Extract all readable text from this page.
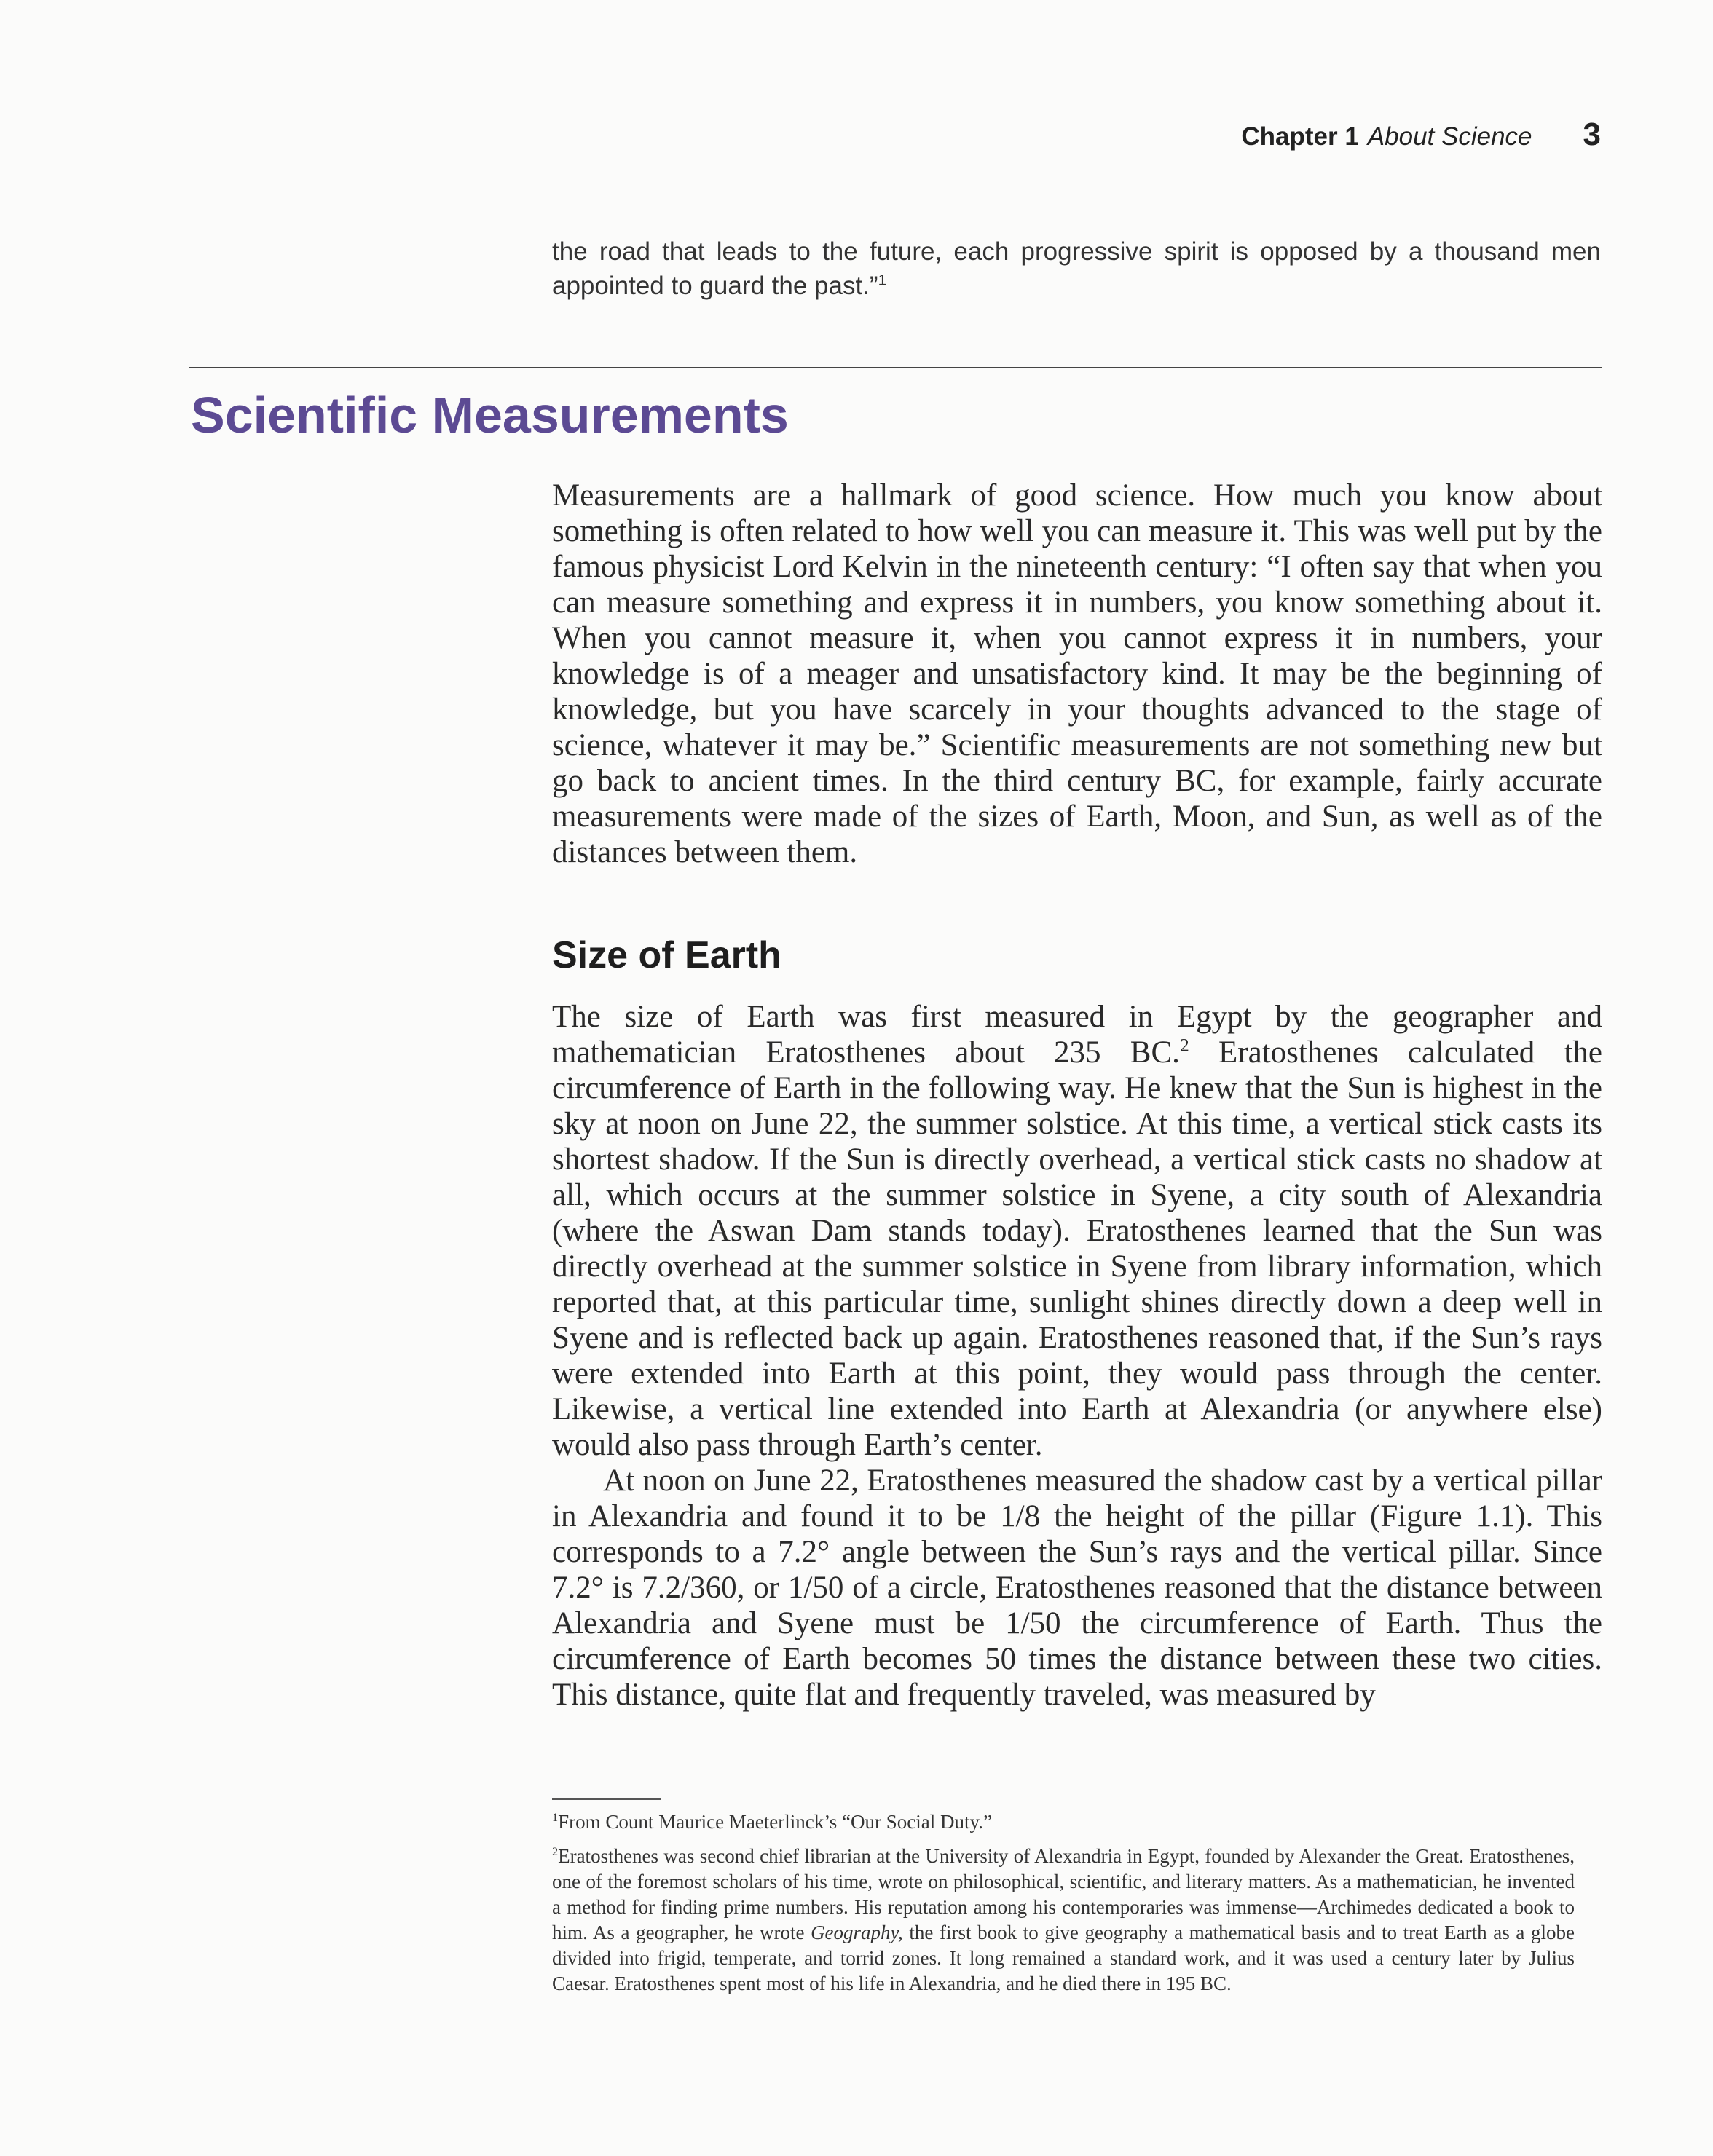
Chapter 1 About Science 3
the road that leads to the future, each progressive spirit is opposed by a thousand men appointed to guard the past.”$^1$
Scientific Measurements

Measurements are a hallmark of good science. How much you know about something is often related to how well you can measure it. This was well put by the famous physicist Lord Kelvin in the nineteenth century: “I often say that when you can measure something and express it in numbers, you know something about it. When you cannot measure it, when you cannot express it in numbers, your knowledge is of a meager and unsatisfactory kind. It may be the beginning of knowledge, but you have scarcely in your thoughts advanced to the stage of science, whatever it may be.” Scientific measurements are not something new but go back to ancient times. In the third century BC, for example, fairly accurate measurements were made of the sizes of Earth, Moon, and Sun, as well as of the distances between them.

Size of Earth

The size of Earth was first measured in Egypt by the geographer and mathematician Eratosthenes about 235 BC.$^2$ Eratosthenes calculated the circumference of Earth in the following way. He knew that the Sun is highest in the sky at noon on June 22, the summer solstice. At this time, a vertical stick casts its shortest shadow. If the Sun is directly overhead, a vertical stick casts no shadow at all, which occurs at the summer solstice in Syene, a city south of Alexandria (where the Aswan Dam stands today). Eratosthenes learned that the Sun was directly overhead at the summer solstice in Syene from library information, which reported that, at this particular time, sunlight shines directly down a deep well in Syene and is reflected back up again. Eratosthenes reasoned that, if the Sun’s rays were extended into Earth at this point, they would pass through the center. Likewise, a vertical line extended into Earth at Alexandria (or anywhere else) would also pass through Earth’s center.

At noon on June 22, Eratosthenes measured the shadow cast by a vertical pillar in Alexandria and found it to be 1/8 the height of the pillar (Figure 1.1). This corresponds to a 7.2° angle between the Sun’s rays and the vertical pillar. Since 7.2° is 7.2/360, or 1/50 of a circle, Eratosthenes reasoned that the distance between Alexandria and Syene must be 1/50 the circumference of Earth. Thus the circumference of Earth becomes 50 times the distance between these two cities. This distance, quite flat and frequently traveled, was measured by

$^1$From Count Maurice Maeterlinck’s “Our Social Duty.”

$^2$Eratosthenes was second chief librarian at the University of Alexandria in Egypt, founded by Alexander the Great. Eratosthenes, one of the foremost scholars of his time, wrote on philosophical, scientific, and literary matters. As a mathematician, he invented a method for finding prime numbers. His reputation among his contemporaries was immense—Archimedes dedicated a book to him. As a geographer, he wrote Geography, the first book to give geography a mathematical basis and to treat Earth as a globe divided into frigid, temperate, and torrid zones. It long remained a standard work, and it was used a century later by Julius Caesar. Eratosthenes spent most of his life in Alexandria, and he died there in 195 BC.
